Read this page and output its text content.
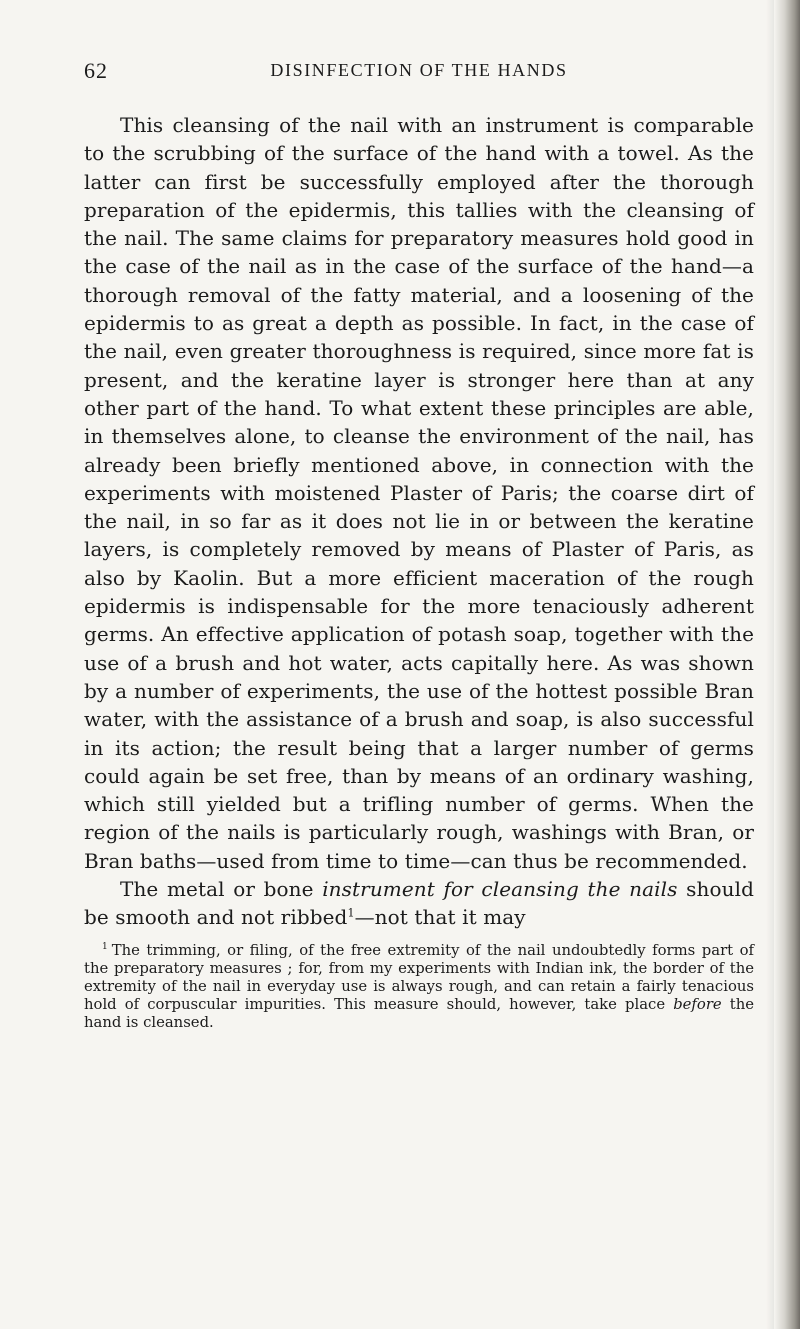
62	DISINFECTION OF THE HANDS

This cleansing of the nail with an instrument is comparable to the scrubbing of the surface of the hand with a towel. As the latter can first be successfully employed after the thorough preparation of the epidermis, this tallies with the cleansing of the nail. The same claims for preparatory measures hold good in the case of the nail as in the case of the surface of the hand—a thorough removal of the fatty material, and a loosening of the epidermis to as great a depth as possible. In fact, in the case of the nail, even greater thoroughness is required, since more fat is present, and the keratine layer is stronger here than at any other part of the hand. To what extent these principles are able, in themselves alone, to cleanse the environment of the nail, has already been briefly mentioned above, in connection with the experiments with moistened Plaster of Paris; the coarse dirt of the nail, in so far as it does not lie in or between the keratine layers, is completely removed by means of Plaster of Paris, as also by Kaolin. But a more efficient maceration of the rough epidermis is indispensable for the more tenaciously adherent germs. An effective application of potash soap, together with the use of a brush and hot water, acts capitally here. As was shown by a number of experiments, the use of the hottest possible Bran water, with the assistance of a brush and soap, is also successful in its action; the result being that a larger number of germs could again be set free, than by means of an ordinary washing, which still yielded but a trifling number of germs. When the region of the nails is particularly rough, washings with Bran, or Bran baths—used from time to time—can thus be recommended.

The metal or bone instrument for cleansing the nails should be smooth and not ribbed$^1$—not that it may

$^1$ The trimming, or filing, of the free extremity of the nail undoubtedly forms part of the preparatory measures ; for, from my experiments with Indian ink, the border of the extremity of the nail in everyday use is always rough, and can retain a fairly tenacious hold of corpuscular impurities. This measure should, however, take place before the hand is cleansed.
